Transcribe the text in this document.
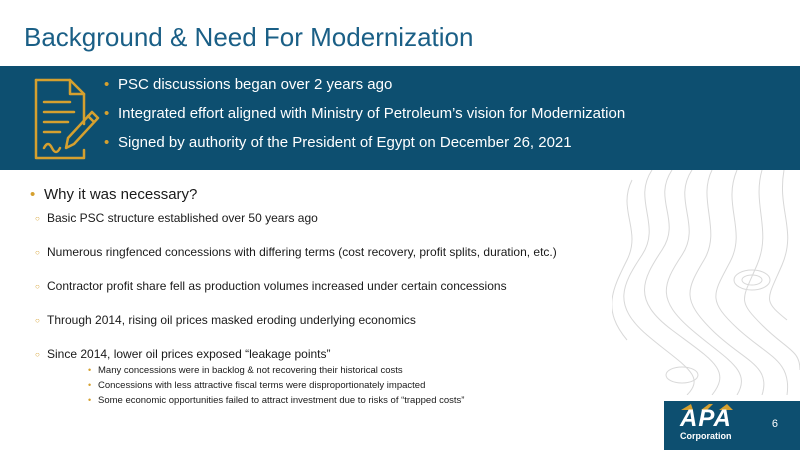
Background & Need For Modernization
• PSC discussions began over 2 years ago
• Integrated effort aligned with Ministry of Petroleum’s vision for Modernization
• Signed by authority of the President of Egypt on December 26, 2021

• Why it was necessary?

○ Basic PSC structure established over 50 years ago
○ Numerous ringfenced concessions with differing terms (cost recovery, profit splits, duration, etc.)
○ Contractor profit share fell as production volumes increased under certain concessions
○ Through 2014, rising oil prices masked eroding underlying economics
○ Since 2014, lower oil prices exposed “leakage points”
• Many concessions were in backlog & not recovering their historical costs
• Concessions with less attractive fiscal terms were disproportionately impacted
• Some economic opportunities failed to attract investment due to risks of “trapped costs”
APA
Corporation
6
